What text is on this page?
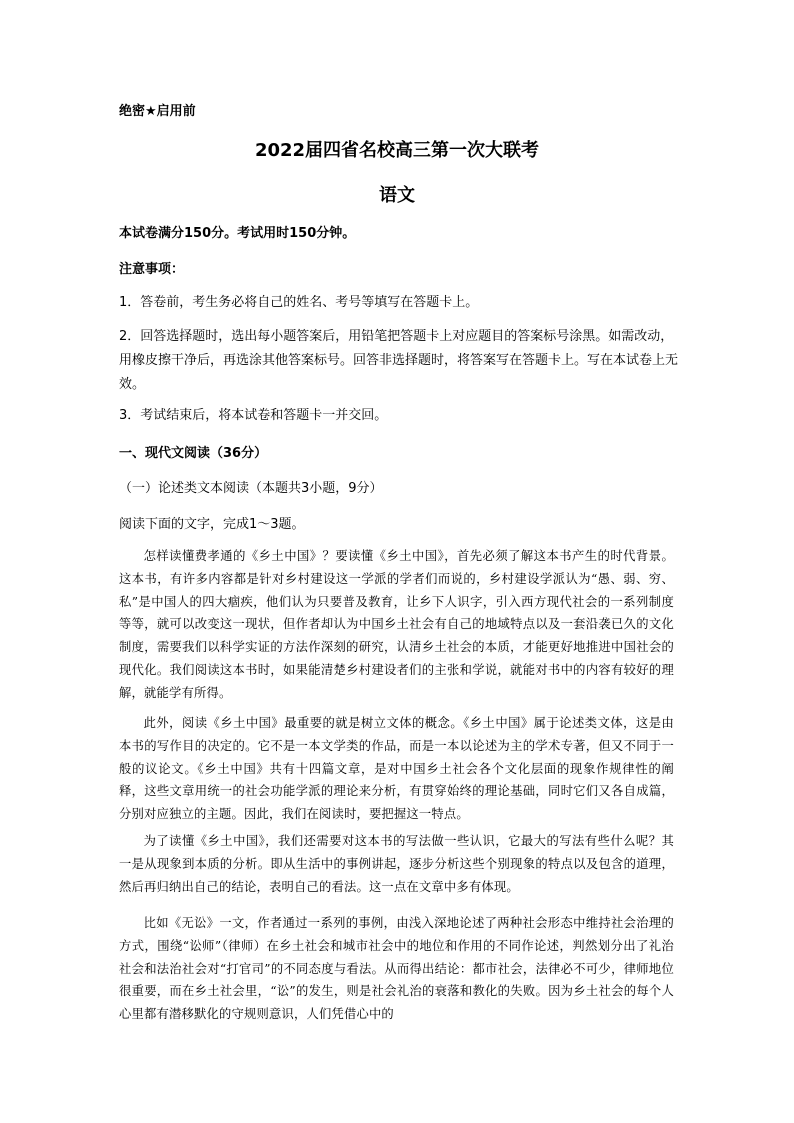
绝密★启用前

2022届四省名校高三第一次大联考

语文

本试卷满分150分。考试用时150分钟。

注意事项：

1．答卷前，考生务必将自己的姓名、考号等填写在答题卡上。

2．回答选择题时，选出每小题答案后，用铅笔把答题卡上对应题目的答案标号涂黑。如需改动，用橡皮擦干净后，再选涂其他答案标号。回答非选择题时，将答案写在答题卡上。写在本试卷上无效。

3．考试结束后，将本试卷和答题卡一并交回。

一、现代文阅读（36分）

（一）论述类文本阅读（本题共3小题，9分）

阅读下面的文字，完成1～3题。

怎样读懂费孝通的《乡土中国》？要读懂《乡土中国》，首先必须了解这本书产生的时代背景。这本书，有许多内容都是针对乡村建设这一学派的学者们而说的，乡村建设学派认为“愚、弱、穷、私”是中国人的四大痼疾，他们认为只要普及教育，让乡下人识字，引入西方现代社会的一系列制度等等，就可以改变这一现状，但作者却认为中国乡土社会有自己的地域特点以及一套沿袭已久的文化制度，需要我们以科学实证的方法作深刻的研究，认清乡土社会的本质，才能更好地推进中国社会的现代化。我们阅读这本书时，如果能清楚乡村建设者们的主张和学说，就能对书中的内容有较好的理解，就能学有所得。

此外，阅读《乡土中国》最重要的就是树立文体的概念。《乡土中国》属于论述类文体，这是由本书的写作目的决定的。它不是一本文学类的作品，而是一本以论述为主的学术专著，但又不同于一般的议论文。《乡土中国》共有十四篇文章，是对中国乡土社会各个文化层面的现象作规律性的阐释，这些文章用统一的社会功能学派的理论来分析，有贯穿始终的理论基础，同时它们又各自成篇，分别对应独立的主题。因此，我们在阅读时，要把握这一特点。

为了读懂《乡土中国》，我们还需要对这本书的写法做一些认识，它最大的写法有些什么呢？其一是从现象到本质的分析。即从生活中的事例讲起，逐步分析这些个别现象的特点以及包含的道理，然后再归纳出自己的结论，表明自己的看法。这一点在文章中多有体现。

比如《无讼》一文，作者通过一系列的事例，由浅入深地论述了两种社会形态中维持社会治理的方式，围绕“讼师”（律师）在乡土社会和城市社会中的地位和作用的不同作论述，判然划分出了礼治社会和法治社会对“打官司”的不同态度与看法。从而得出结论：都市社会，法律必不可少，律师地位很重要，而在乡土社会里，“讼”的发生，则是社会礼治的衰落和教化的失败。因为乡土社会的每个人心里都有潜移默化的守规则意识，人们凭借心中的
